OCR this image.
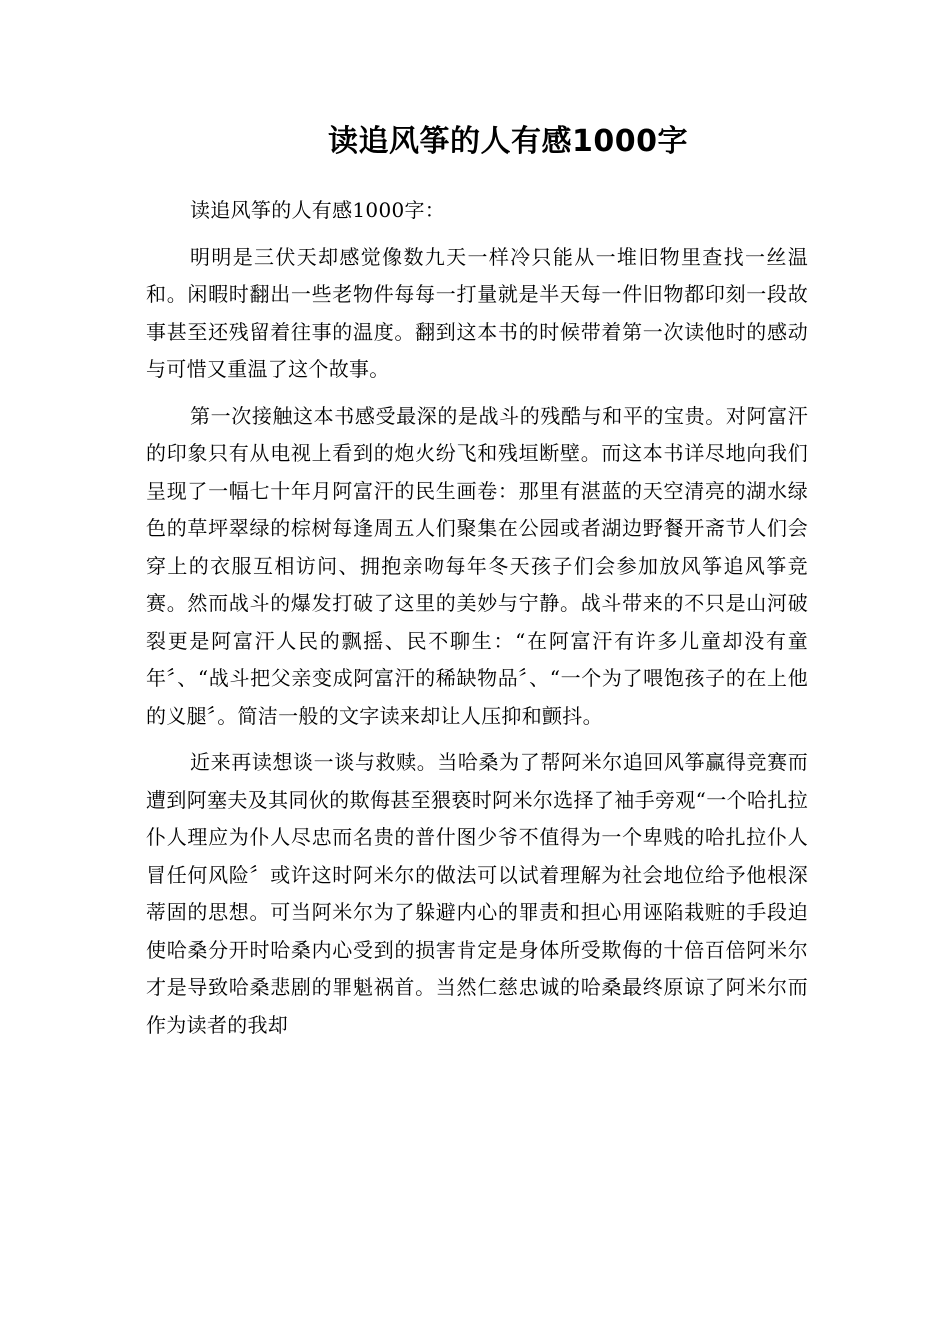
读追风筝的人有感1000字

读追风筝的人有感1000字：

明明是三伏天却感觉像数九天一样冷只能从一堆旧物里查找一丝温和。闲暇时翻出一些老物件每每一打量就是半天每一件旧物都印刻一段故事甚至还残留着往事的温度。翻到这本书的时候带着第一次读他时的感动与可惜又重温了这个故事。

第一次接触这本书感受最深的是战斗的残酷与和平的宝贵。对阿富汗的印象只有从电视上看到的炮火纷飞和残垣断壁。而这本书详尽地向我们呈现了一幅七十年月阿富汗的民生画卷：那里有湛蓝的天空清亮的湖水绿色的草坪翠绿的棕树每逢周五人们聚集在公园或者湖边野餐开斋节人们会穿上的衣服互相访问、拥抱亲吻每年冬天孩子们会参加放风筝追风筝竞赛。然而战斗的爆发打破了这里的美妙与宁静。战斗带来的不只是山河破裂更是阿富汗人民的飘摇、民不聊生：“在阿富汗有许多儿童却没有童年〞、“战斗把父亲变成阿富汗的稀缺物品〞、“一个为了喂饱孩子的在上他的义腿〞。简洁一般的文字读来却让人压抑和颤抖。

近来再读想谈一谈与救赎。当哈桑为了帮阿米尔追回风筝赢得竞赛而遭到阿塞夫及其同伙的欺侮甚至猥亵时阿米尔选择了袖手旁观“一个哈扎拉仆人理应为仆人尽忠而名贵的普什图少爷不值得为一个卑贱的哈扎拉仆人冒任何风险〞或许这时阿米尔的做法可以试着理解为社会地位给予他根深蒂固的思想。可当阿米尔为了躲避内心的罪责和担心用诬陷栽赃的手段迫使哈桑分开时哈桑内心受到的损害肯定是身体所受欺侮的十倍百倍阿米尔才是导致哈桑悲剧的罪魁祸首。当然仁慈忠诚的哈桑最终原谅了阿米尔而作为读者的我却
